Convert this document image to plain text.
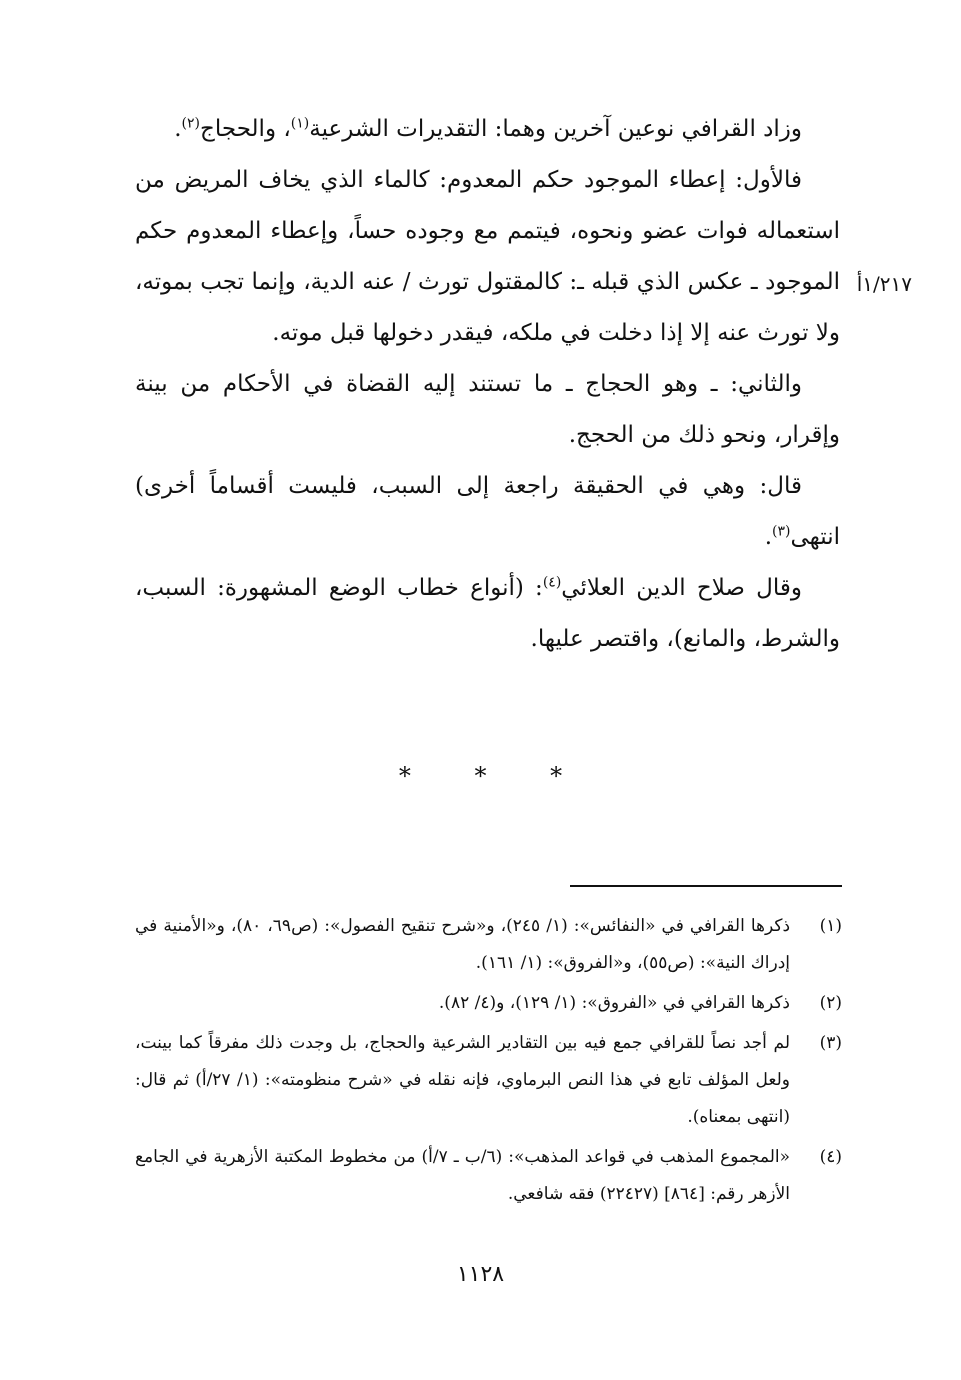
وزاد القرافي نوعين آخرين وهما: التقديرات الشرعية$^{(١)}$، والحجاج$^{(٢)}$.

فالأول: إعطاء الموجود حكم المعدوم: كالماء الذي يخاف المريض من استعماله فوات عضو ونحوه، فيتمم مع وجوده حساً، وإعطاء المعدوم حكم الموجود ـ عكس الذي قبله ـ: كالمقتول تورث / عنه الدية، وإنما تجب بموته، ولا تورث عنه إلا إذا دخلت في ملكه، فيقدر دخولها قبل موته.

والثاني: ـ وهو الحجاج ـ ما تستند إليه القضاة في الأحكام من بينة وإقرار، ونحو ذلك من الحجج.

قال: وهي في الحقيقة راجعة إلى السبب، فليست أقساماً أخرى) انتهى$^{(٣)}$.

وقال صلاح الدين العلائي$^{(٤)}$: (أنواع خطاب الوضع المشهورة: السبب، والشرط، والمانع)، واقتصر عليها.

١/٢١٧أ
* * *
(١)
ذكرها القرافي في «النفائس»: (١/ ٢٤٥)، و«شرح تنقيح الفصول»: (ص٦٩، ٨٠)، و«الأمنية في إدراك النية»: (ص٥٥)، و«الفروق»: (١/ ١٦١).
(٢)
ذكرها القرافي في «الفروق»: (١/ ١٢٩)، و(٤/ ٨٢).
(٣)
لم أجد نصاً للقرافي جمع فيه بين التقادير الشرعية والحجاج، بل وجدت ذلك مفرقاً كما بينت، ولعل المؤلف تابع في هذا النص البرماوي، فإنه نقله في «شرح منظومته»: (١/ ٢٧/أ) ثم قال: (انتهى بمعناه).
(٤)
«المجموع المذهب في قواعد المذهب»: (٦/ب ـ ٧/أ) من مخطوط المكتبة الأزهرية في الجامع الأزهر رقم: [٨٦٤] (٢٢٤٢٧) فقه شافعي.
١١٢٨
